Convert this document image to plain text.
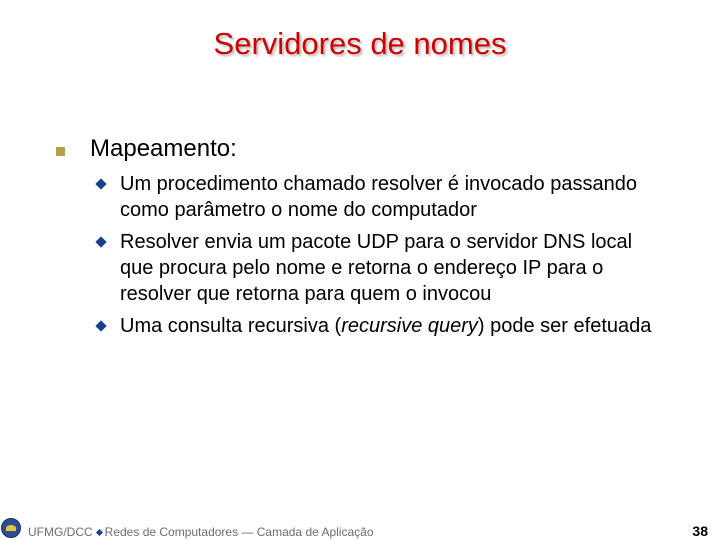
Servidores de nomes
Mapeamento:
Um procedimento chamado resolver é invocado passando como parâmetro o nome do computador
Resolver envia um pacote UDP para o servidor DNS local que procura pelo nome e retorna o endereço IP para o resolver que retorna para quem o invocou
Uma consulta recursiva (recursive query) pode ser efetuada
UFMG/DCC Redes de Computadores — Camada de Aplicação	38
